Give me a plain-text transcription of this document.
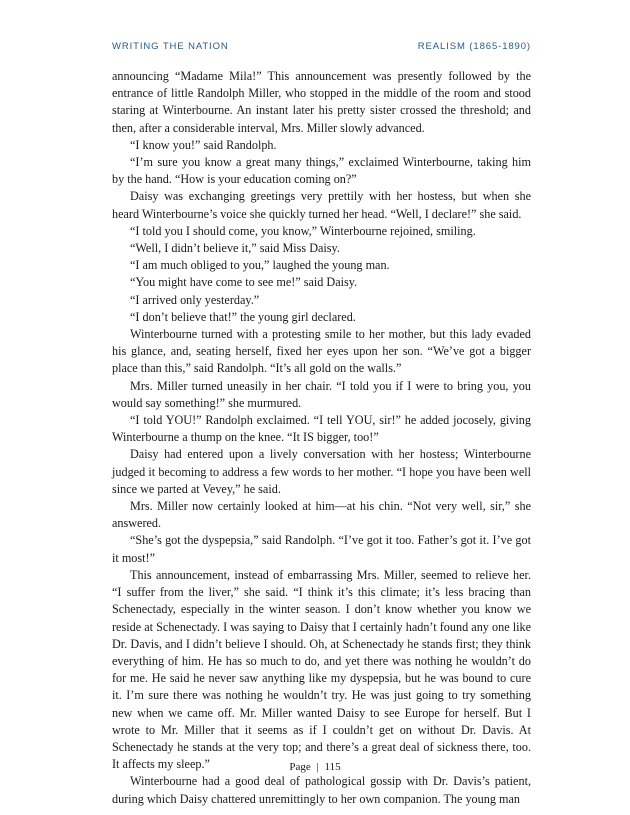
WRITING THE NATION	REALISM (1865-1890)

announcing “Madame Mila!” This announcement was presently followed by the entrance of little Randolph Miller, who stopped in the middle of the room and stood staring at Winterbourne. An instant later his pretty sister crossed the threshold; and then, after a considerable interval, Mrs. Miller slowly advanced.

“I know you!” said Randolph.

“I’m sure you know a great many things,” exclaimed Winterbourne, taking him by the hand. “How is your education coming on?”

Daisy was exchanging greetings very prettily with her hostess, but when she heard Winterbourne’s voice she quickly turned her head. “Well, I declare!” she said.

“I told you I should come, you know,” Winterbourne rejoined, smiling.

“Well, I didn’t believe it,” said Miss Daisy.

“I am much obliged to you,” laughed the young man.

“You might have come to see me!” said Daisy.

“I arrived only yesterday.”

“I don’t believe that!” the young girl declared.

Winterbourne turned with a protesting smile to her mother, but this lady evaded his glance, and, seating herself, fixed her eyes upon her son. “We’ve got a bigger place than this,” said Randolph. “It’s all gold on the walls.”

Mrs. Miller turned uneasily in her chair. “I told you if I were to bring you, you would say something!” she murmured.

“I told YOU!” Randolph exclaimed. “I tell YOU, sir!” he added jocosely, giving Winterbourne a thump on the knee. “It IS bigger, too!”

Daisy had entered upon a lively conversation with her hostess; Winterbourne judged it becoming to address a few words to her mother. “I hope you have been well since we parted at Vevey,” he said.

Mrs. Miller now certainly looked at him—at his chin. “Not very well, sir,” she answered.

“She’s got the dyspepsia,” said Randolph. “I’ve got it too. Father’s got it. I’ve got it most!”

This announcement, instead of embarrassing Mrs. Miller, seemed to relieve her. “I suffer from the liver,” she said. “I think it’s this climate; it’s less bracing than Schenectady, especially in the winter season. I don’t know whether you know we reside at Schenectady. I was saying to Daisy that I certainly hadn’t found any one like Dr. Davis, and I didn’t believe I should. Oh, at Schenectady he stands first; they think everything of him. He has so much to do, and yet there was nothing he wouldn’t do for me. He said he never saw anything like my dyspepsia, but he was bound to cure it. I’m sure there was nothing he wouldn’t try. He was just going to try something new when we came off. Mr. Miller wanted Daisy to see Europe for herself. But I wrote to Mr. Miller that it seems as if I couldn’t get on without Dr. Davis. At Schenectady he stands at the very top; and there’s a great deal of sickness there, too. It affects my sleep.”

Winterbourne had a good deal of pathological gossip with Dr. Davis’s patient, during which Daisy chattered unremittingly to her own companion. The young man

Page | 115
